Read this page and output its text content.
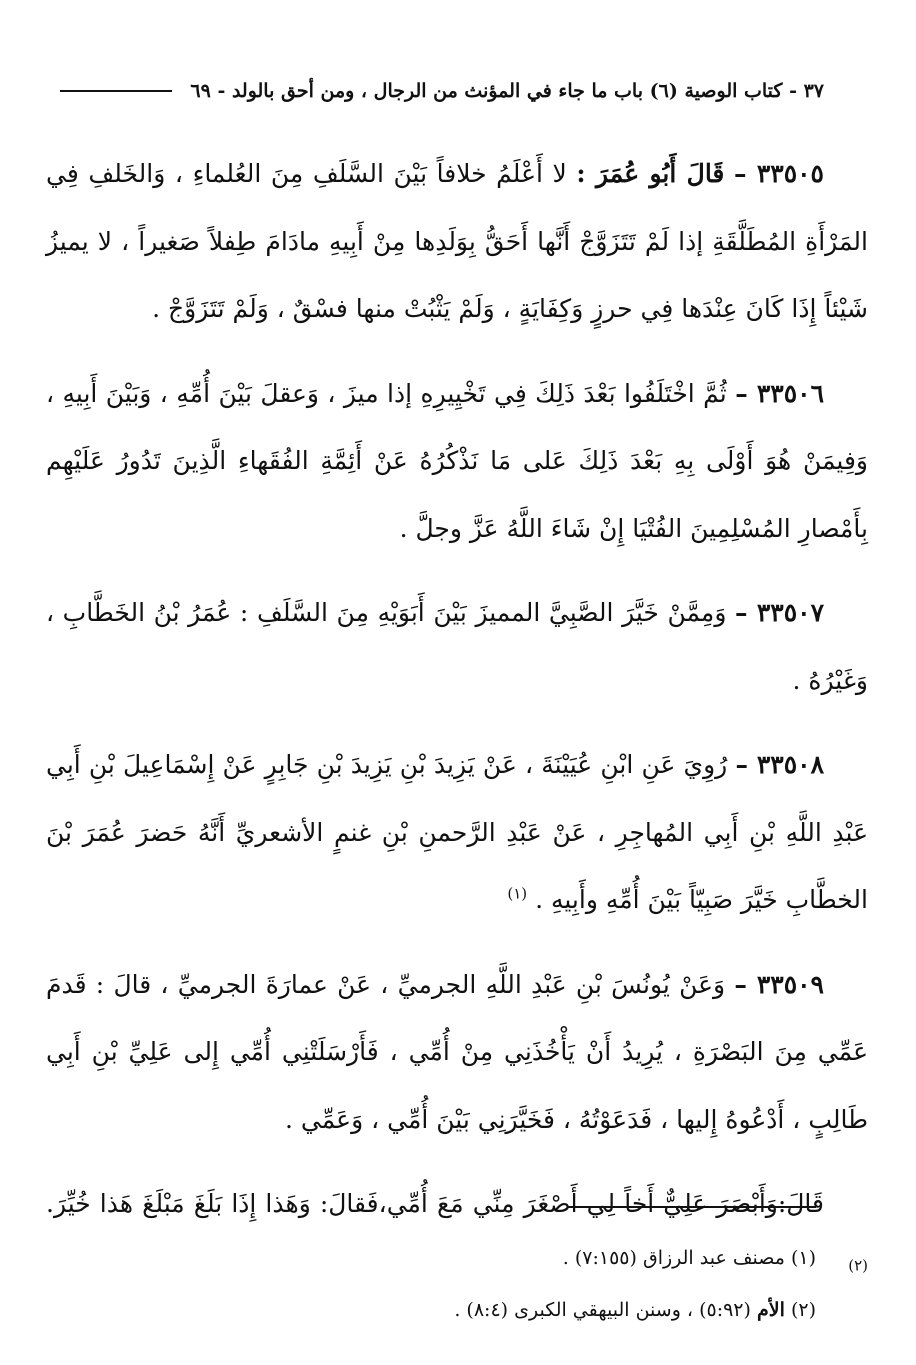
٣٧ - كتاب الوصية (٦) باب ما جاء في المؤنث من الرجال ، ومن أحق بالولد - ٦٩

٣٣٥٠٥ – قَالَ أَبُو عُمَرَ : لا أَعْلَمُ خلافاً بَيْنَ السَّلَفِ مِنَ العُلماءِ ، وَالخَلفِ فِي المَرْأَةِ المُطَلَّقَةِ إذا لَمْ تَتَزَوَّجْ أَنَّها أَحَقُّ بِوَلَدِها مِنْ أَبِيهِ مادَامَ طِفلاً صَغيراً ، لا يميزُ شَيْئاً إِذَا كَانَ عِنْدَها فِي حرزٍ وَكِفَايَةٍ ، وَلَمْ يَثْبُتْ منها فسْقٌ ، وَلَمْ تَتَزَوَّجْ .

٣٣٥٠٦ – ثُمَّ اخْتَلَفُوا بَعْدَ ذَلِكَ فِي تَخْيِيرِهِ إذا ميزَ ، وَعقلَ بَيْنَ أُمِّهِ ، وَبَيْنَ أَبِيهِ ، وَفِيمَنْ هُوَ أَوْلَى بِهِ بَعْدَ ذَلِكَ عَلى مَا نَذْكُرُهُ عَنْ أَئِمَّةِ الفُقَهاءِ الَّذِينَ تَدُورُ عَلَيْهِم بِأَمْصارِ المُسْلِمِينَ الفُتْيَا إِنْ شَاءَ اللَّهُ عَزَّ وجلَّ .

٣٣٥٠٧ – وَمِمَّنْ خَيَّرَ الصَّبِيَّ المميزَ بَيْنَ أَبَوَيْهِ مِنَ السَّلَفِ : عُمَرُ بْنُ الخَطَّابِ ، وَغَيْرُهُ .

٣٣٥٠٨ – رُوِيَ عَنِ ابْنِ عُيَيْنَةَ ، عَنْ يَزِيدَ بْنِ يَزِيدَ بْنِ جَابِرٍ عَنْ إِسْمَاعِيلَ بْنِ أَبِي عَبْدِ اللَّهِ بْنِ أَبِي المُهاجِرِ ، عَنْ عَبْدِ الرَّحمنِ بْنِ غنمٍ الأشعريِّ أَنَّهُ حَضرَ عُمَرَ بْنَ الخطَّابِ خَيَّرَ صَبِيّاً بَيْنَ أُمِّهِ وأَبِيهِ . $^{(١)}$

٣٣٥٠٩ – وَعَنْ يُونُسَ بْنِ عَبْدِ اللَّهِ الجرميِّ ، عَنْ عمارَةَ الجرميِّ ، قالَ : قَدمَ عَمِّي مِنَ البَصْرَةِ ، يُرِيدُ أَنْ يَأْخُذَنِي مِنْ أُمِّي ، فَأَرْسَلَتْنِي أُمِّي إِلى عَلِيِّ بْنِ أَبِي طَالِبٍ ، أَدْعُوهُ إِليها ، فَدَعَوْتُهُ ، فَخَيَّرَنِي بَيْنَ أُمِّي ، وَعَمِّي .

قَالَ:وَأَبْصَرَ عَلِيٌّ أَخاً لِي أَصْغَرَ مِنِّي مَعَ أُمِّي،فَقالَ: وَهَذا إِذَا بَلَغَ مَبْلَغَ هَذا خُيِّرَ.$^{(٢)}$

(١) مصنف عبد الرزاق (٧:١٥٥) .

(٢) الأم (٥:٩٢) ، وسنن البيهقي الكبرى (٨:٤) .
